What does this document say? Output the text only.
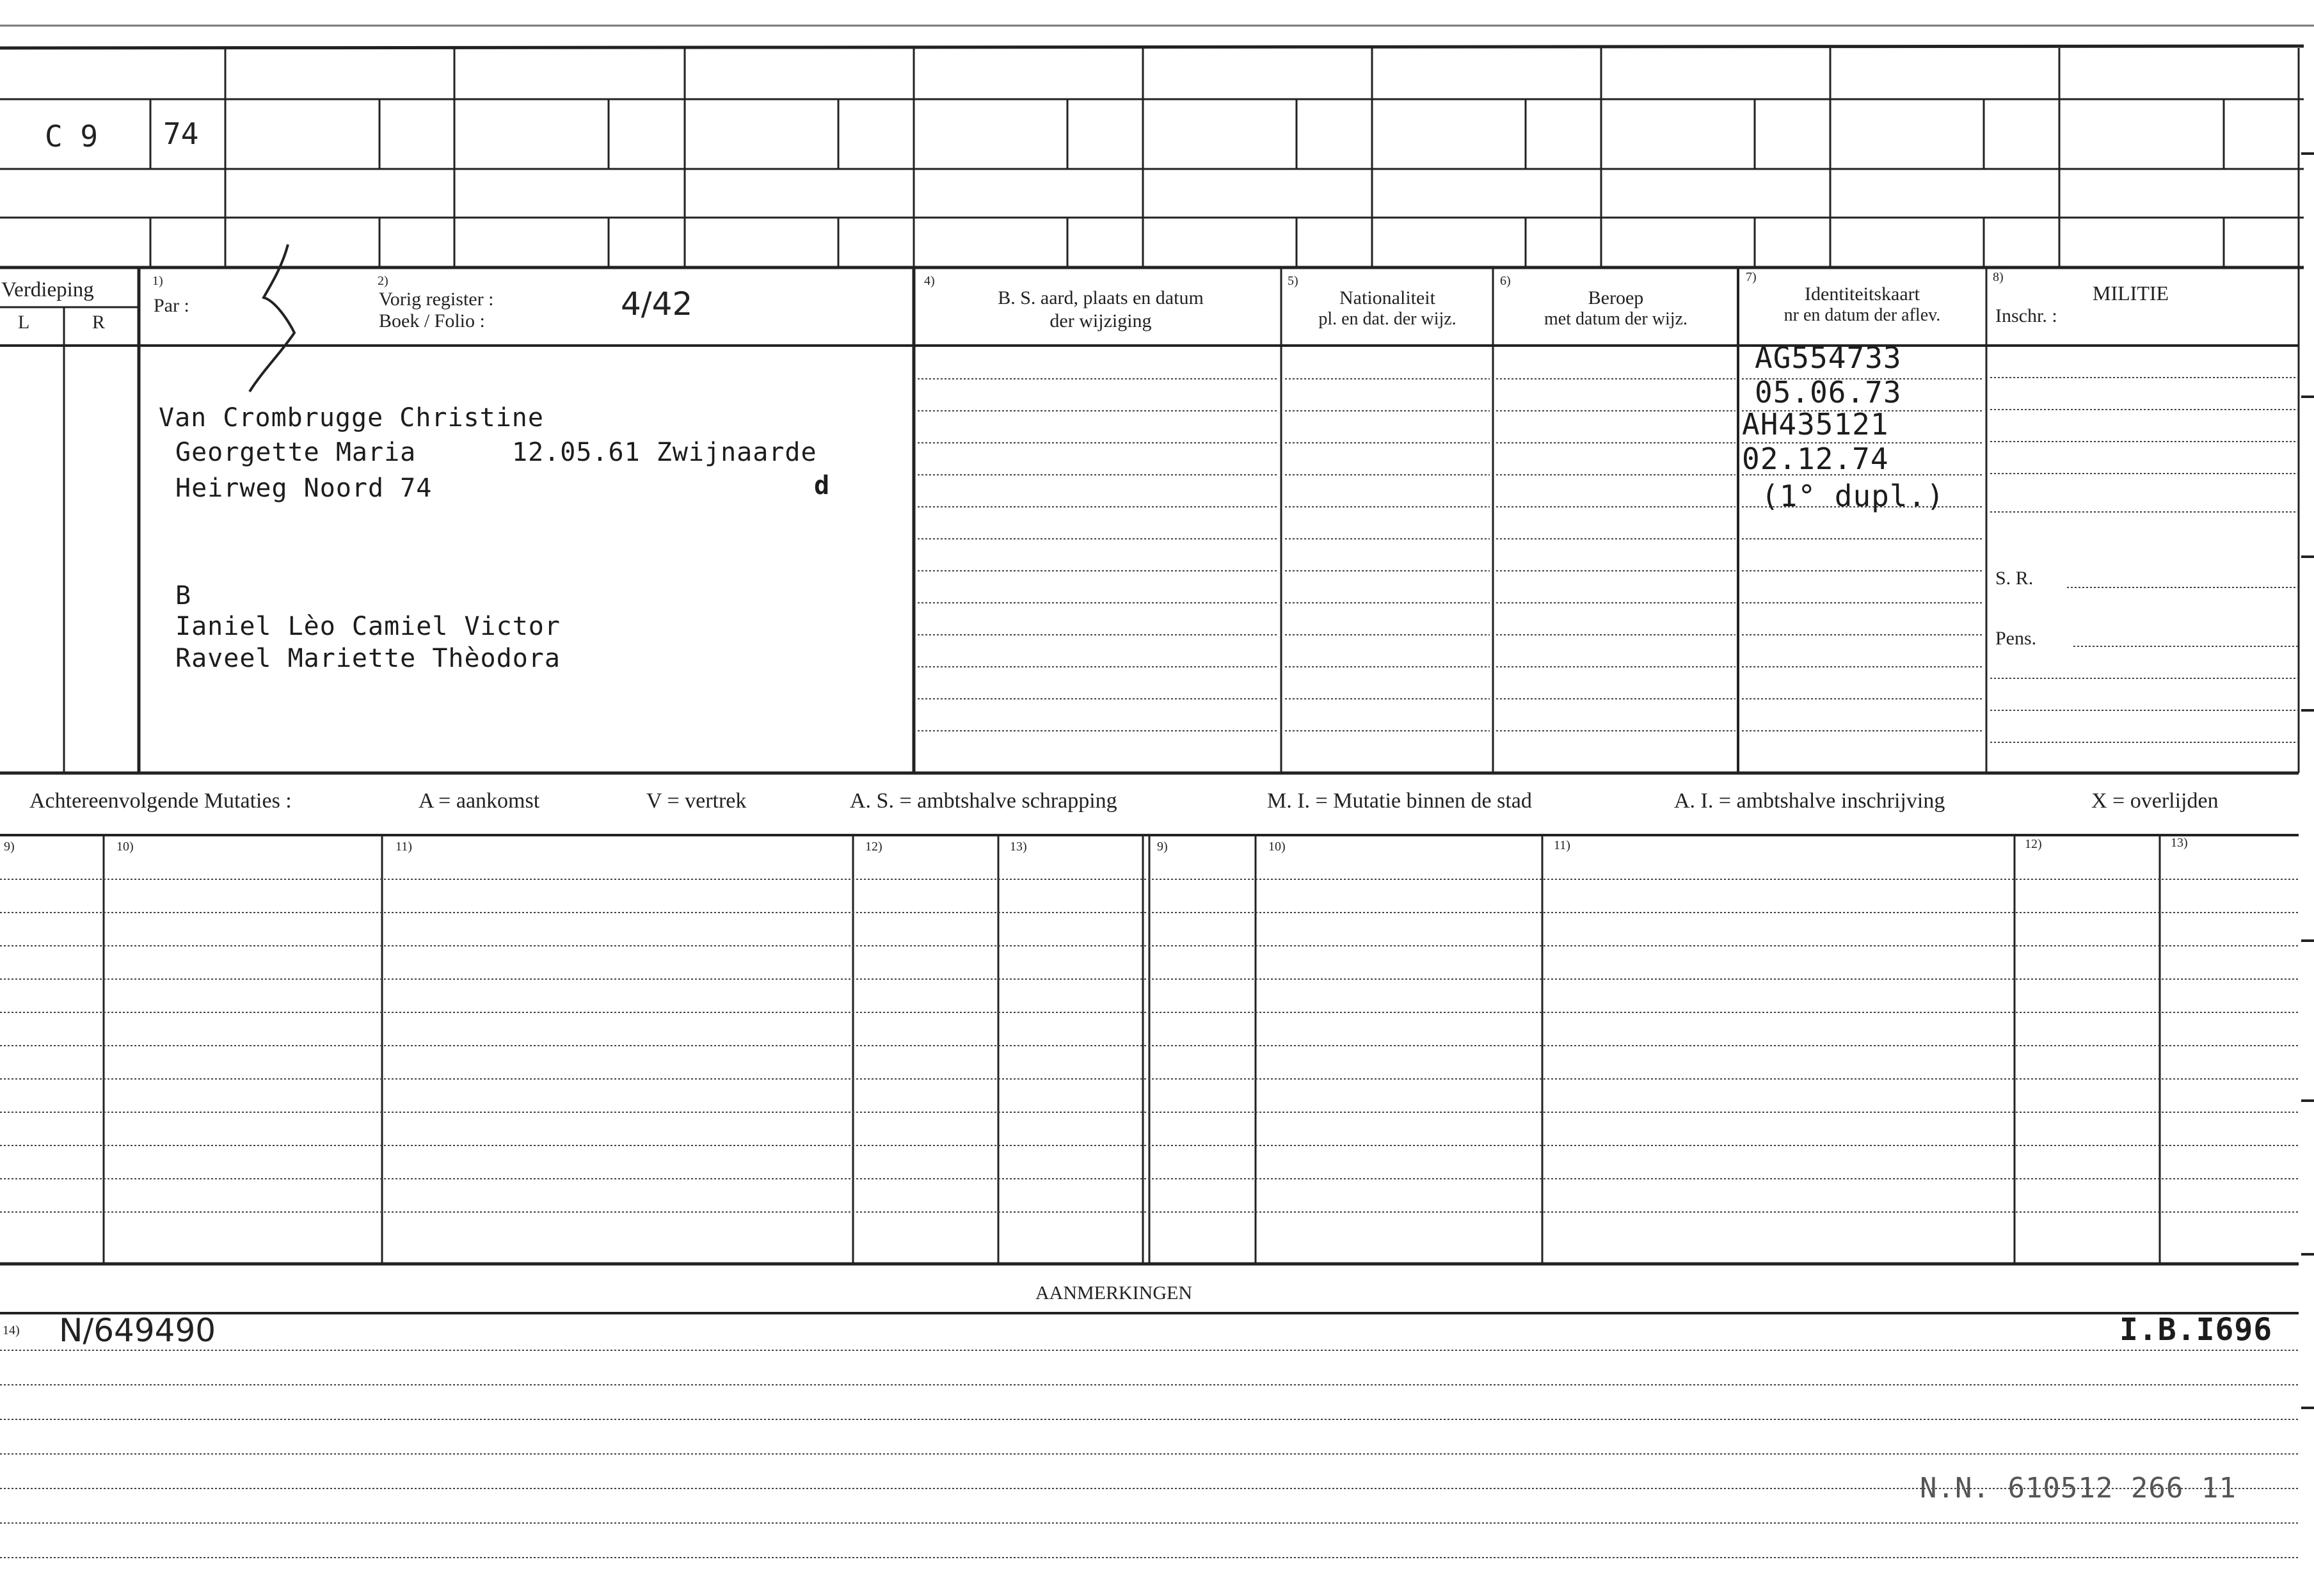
C 9 74
Verdieping
L	R
1)
Par :
2)
Vorig register :
Boek / Folio :	4/42
4)
B. S. aard, plaats en datum
der wijziging
5)
Nationaliteit
pl. en dat. der wijz.
6)
Beroep
met datum der wijz.
7)
Identiteitskaart
nr en datum der aflev.
8)
MILITIE
Inschr. :
S. R.
Pens.
Van Crombrugge Christine
Georgette Maria	12.05.61 Zwijnaarde
Heirweg Noord 74	d
B
Ianiel Lèo Camiel Victor
Raveel Mariette Thèodora
AG554733
05.06.73
AH435121
02.12.74
(1° dupl.)
Achtereenvolgende Mutaties :	A = aankomst	V = vertrek	A. S. = ambtshalve schrapping	M. I. = Mutatie binnen de stad	A. I. = ambtshalve inschrijving	X = overlijden
9)	10)	11)	12)	13)	9)	10)	11)	12)	13)
AANMERKINGEN
14) N/649490	I.B.I696
N.N. 610512 266 11
